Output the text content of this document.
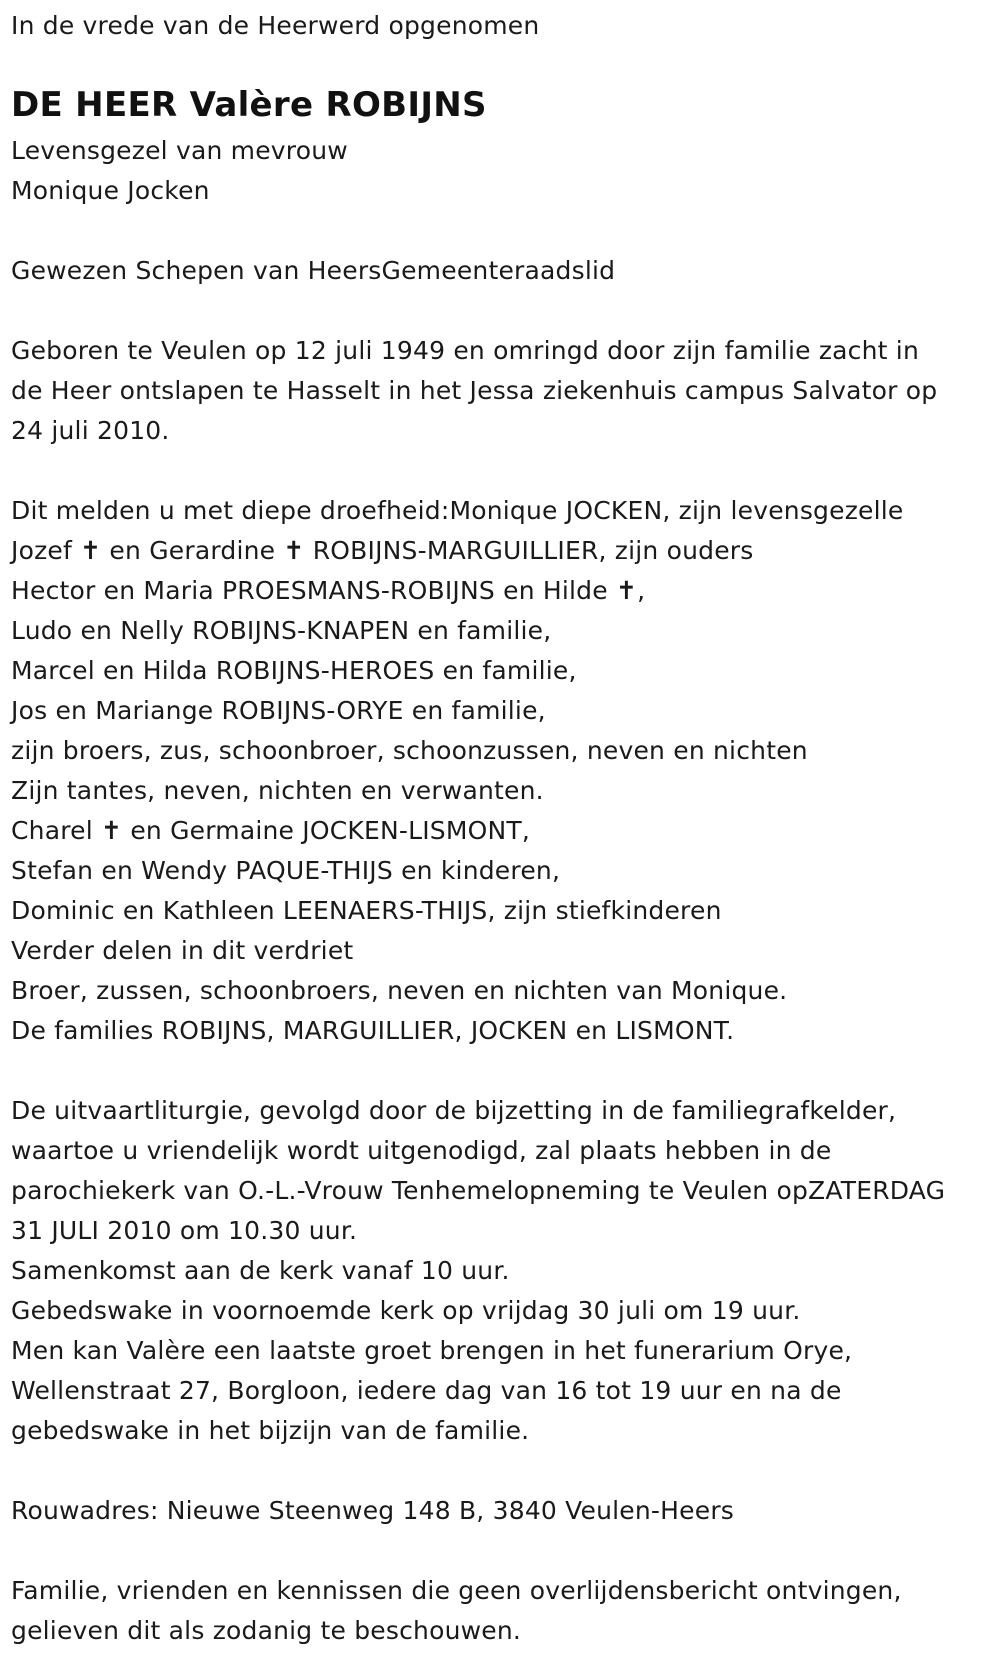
In de vrede van de Heerwerd opgenomen
DE HEER Valère ROBIJNS
Levensgezel van mevrouw
Monique Jocken
Gewezen Schepen van HeersGemeenteraadslid
Geboren te Veulen op 12 juli 1949 en omringd door zijn familie zacht in
de Heer ontslapen te Hasselt in het Jessa ziekenhuis campus Salvator op
24 juli 2010.
Dit melden u met diepe droefheid:Monique JOCKEN, zijn levensgezelle
Jozef ✝ en Gerardine ✝ ROBIJNS-MARGUILLIER, zijn ouders
Hector en Maria PROESMANS-ROBIJNS en Hilde ✝,
Ludo en Nelly ROBIJNS-KNAPEN en familie,
Marcel en Hilda ROBIJNS-HEROES en familie,
Jos en Mariange ROBIJNS-ORYE en familie,
zijn broers, zus, schoonbroer, schoonzussen, neven en nichten
Zijn tantes, neven, nichten en verwanten.
Charel ✝ en Germaine JOCKEN-LISMONT,
Stefan en Wendy PAQUE-THIJS en kinderen,
Dominic en Kathleen LEENAERS-THIJS, zijn stiefkinderen
Verder delen in dit verdriet
Broer, zussen, schoonbroers, neven en nichten van Monique.
De families ROBIJNS, MARGUILLIER, JOCKEN en LISMONT.
De uitvaartliturgie, gevolgd door de bijzetting in de familiegrafkelder,
waartoe u vriendelijk wordt uitgenodigd, zal plaats hebben in de
parochiekerk van O.-L.-Vrouw Tenhemelopneming te Veulen opZATERDAG
31 JULI 2010 om 10.30 uur.
Samenkomst aan de kerk vanaf 10 uur.
Gebedswake in voornoemde kerk op vrijdag 30 juli om 19 uur.
Men kan Valère een laatste groet brengen in het funerarium Orye,
Wellenstraat 27, Borgloon, iedere dag van 16 tot 19 uur en na de
gebedswake in het bijzijn van de familie.
Rouwadres: Nieuwe Steenweg 148 B, 3840 Veulen-Heers
Familie, vrienden en kennissen die geen overlijdensbericht ontvingen,
gelieven dit als zodanig te beschouwen.
